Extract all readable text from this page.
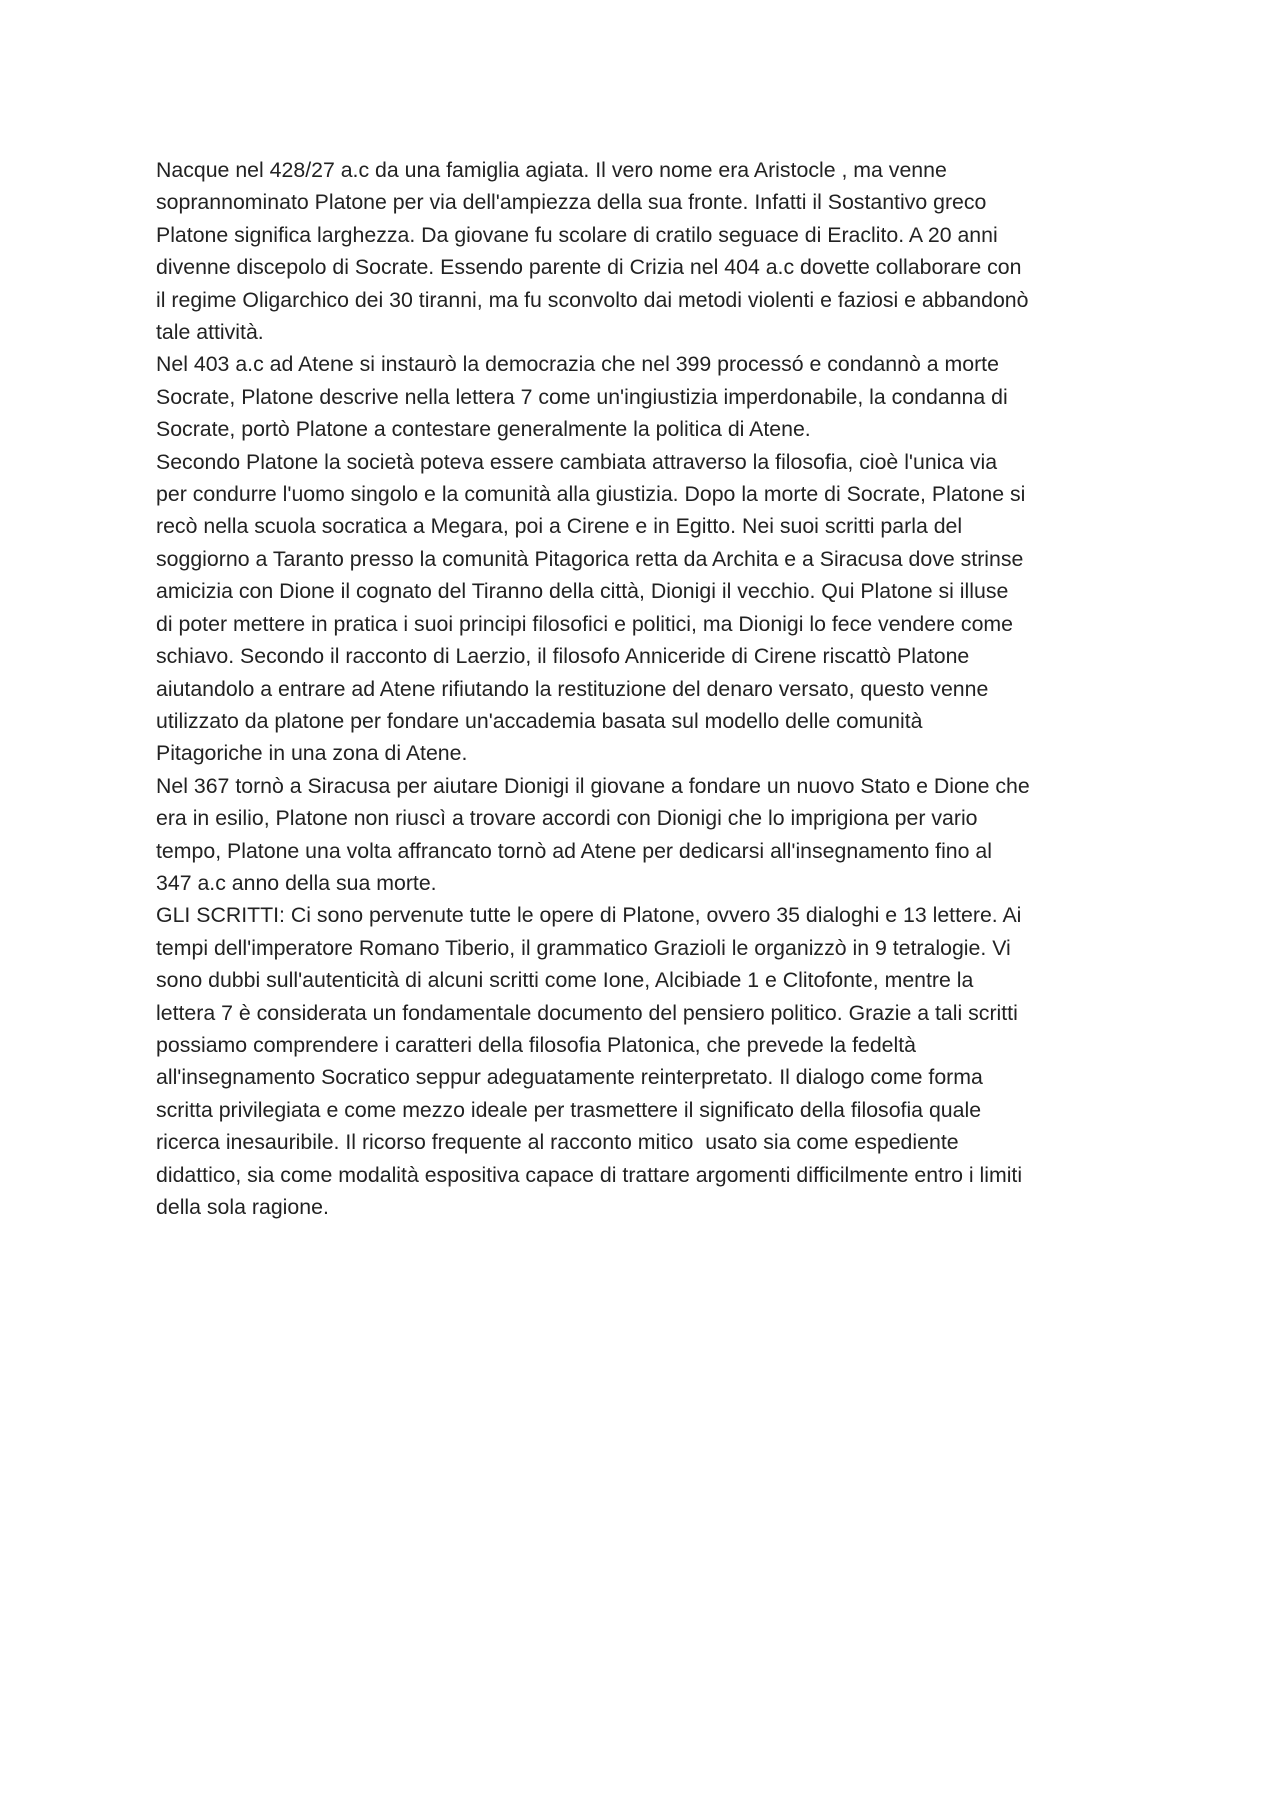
Nacque nel 428/27 a.c da una famiglia agiata. Il vero nome era Aristocle , ma venne
soprannominato Platone per via dell'ampiezza della sua fronte. Infatti il Sostantivo greco
Platone significa larghezza. Da giovane fu scolare di cratilo seguace di Eraclito. A 20 anni
divenne discepolo di Socrate. Essendo parente di Crizia nel 404 a.c dovette collaborare con
il regime Oligarchico dei 30 tiranni, ma fu sconvolto dai metodi violenti e faziosi e abbandonò
tale attività.

Nel 403 a.c ad Atene si instaurò la democrazia che nel 399 processó e condannò a morte
Socrate, Platone descrive nella lettera 7 come un'ingiustizia imperdonabile, la condanna di
Socrate, portò Platone a contestare generalmente la politica di Atene.

Secondo Platone la società poteva essere cambiata attraverso la filosofia, cioè l'unica via
per condurre l'uomo singolo e la comunità alla giustizia. Dopo la morte di Socrate, Platone si
recò nella scuola socratica a Megara, poi a Cirene e in Egitto. Nei suoi scritti parla del
soggiorno a Taranto presso la comunità Pitagorica retta da Archita e a Siracusa dove strinse
amicizia con Dione il cognato del Tiranno della città, Dionigi il vecchio. Qui Platone si illuse
di poter mettere in pratica i suoi principi filosofici e politici, ma Dionigi lo fece vendere come
schiavo. Secondo il racconto di Laerzio, il filosofo Anniceride di Cirene riscattò Platone
aiutandolo a entrare ad Atene rifiutando la restituzione del denaro versato, questo venne
utilizzato da platone per fondare un'accademia basata sul modello delle comunità
Pitagoriche in una zona di Atene.

Nel 367 tornò a Siracusa per aiutare Dionigi il giovane a fondare un nuovo Stato e Dione che
era in esilio, Platone non riuscì a trovare accordi con Dionigi che lo imprigiona per vario
tempo, Platone una volta affrancato tornò ad Atene per dedicarsi all'insegnamento fino al
347 a.c anno della sua morte.

GLI SCRITTI: Ci sono pervenute tutte le opere di Platone, ovvero 35 dialoghi e 13 lettere. Ai
tempi dell'imperatore Romano Tiberio, il grammatico Grazioli le organizzò in 9 tetralogie. Vi
sono dubbi sull'autenticità di alcuni scritti come Ione, Alcibiade 1 e Clitofonte, mentre la
lettera 7 è considerata un fondamentale documento del pensiero politico. Grazie a tali scritti
possiamo comprendere i caratteri della filosofia Platonica, che prevede la fedeltà
all'insegnamento Socratico seppur adeguatamente reinterpretato. Il dialogo come forma
scritta privilegiata e come mezzo ideale per trasmettere il significato della filosofia quale
ricerca inesauribile. Il ricorso frequente al racconto mitico  usato sia come espediente
didattico, sia come modalità espositiva capace di trattare argomenti difficilmente entro i limiti
della sola ragione.
